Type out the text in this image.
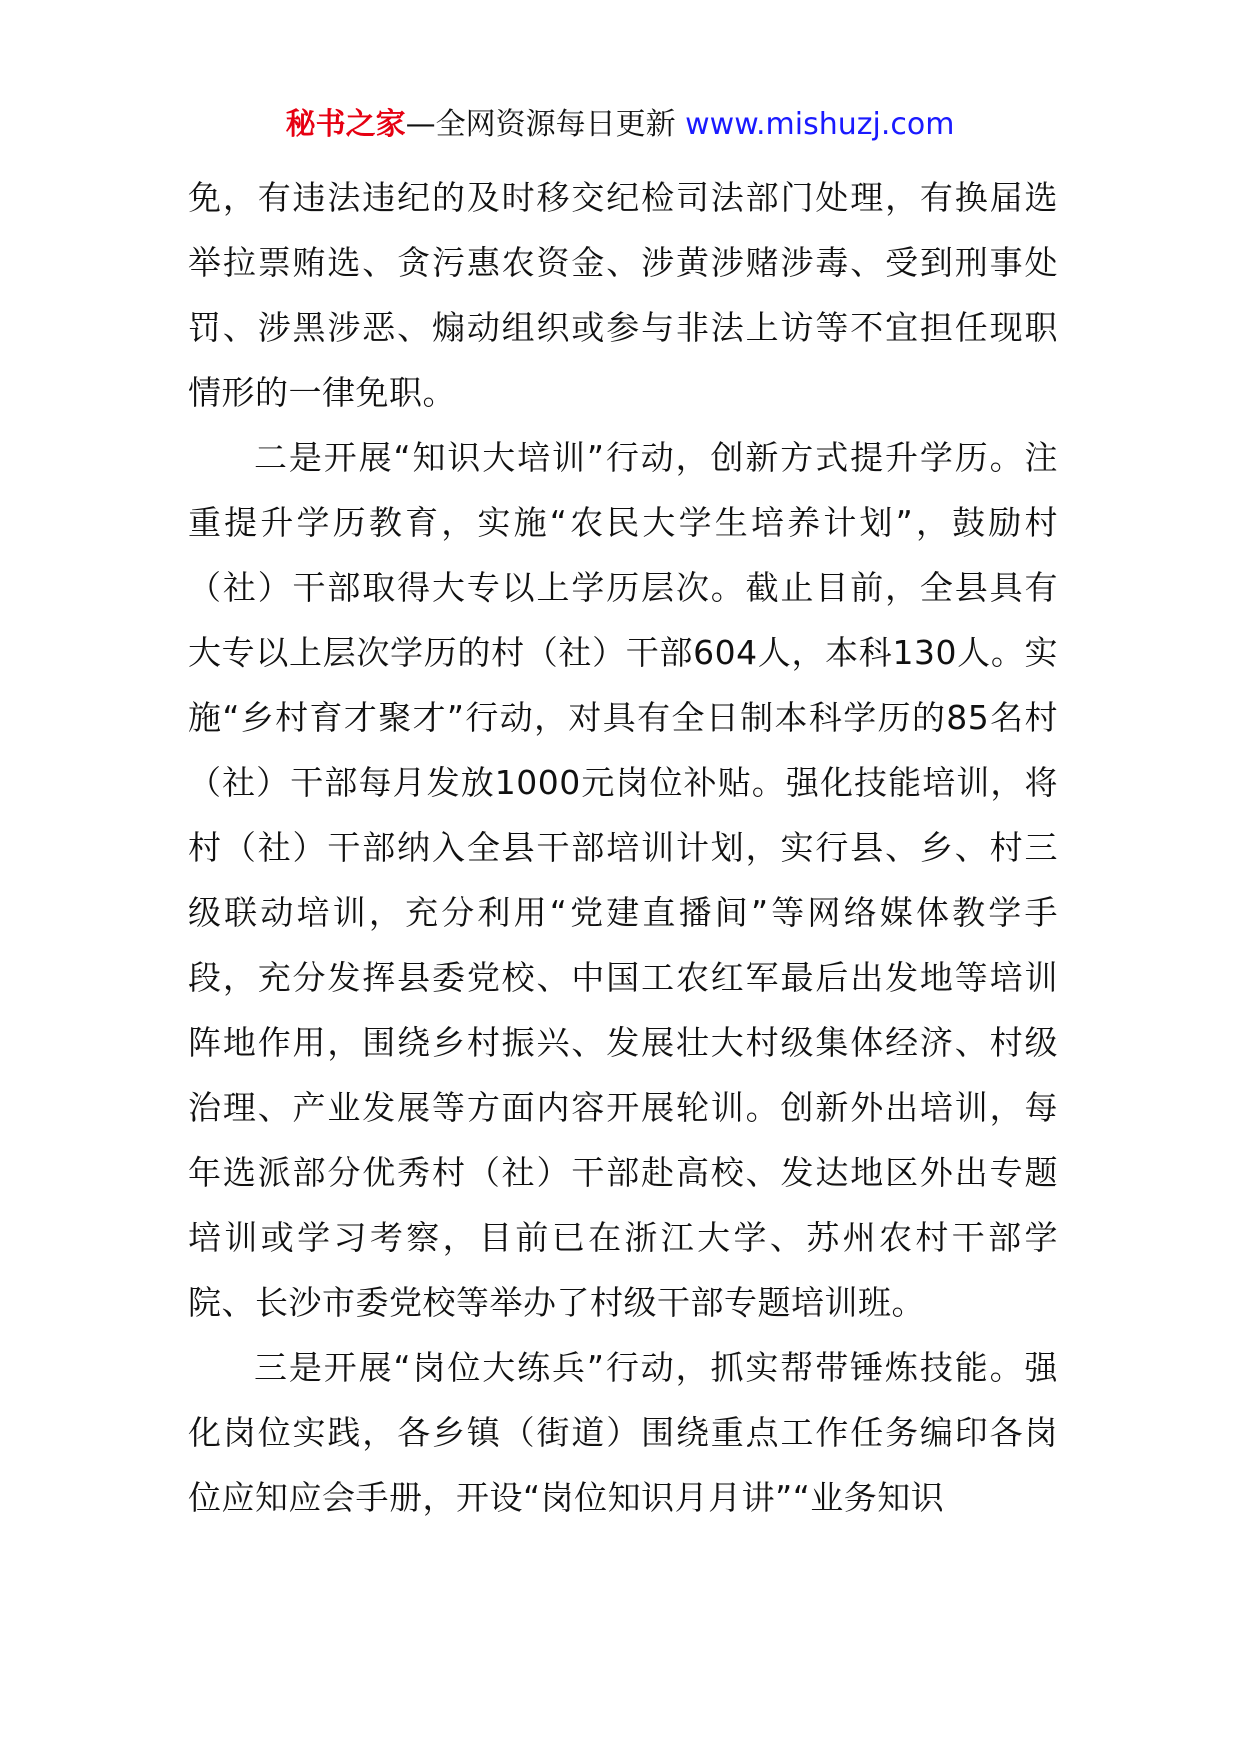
秘书之家—全网资源每日更新 www.mishuzj.com

免，有违法违纪的及时移交纪检司法部门处理，有换届选举拉票贿选、贪污惠农资金、涉黄涉赌涉毒、受到刑事处罚、涉黑涉恶、煽动组织或参与非法上访等不宜担任现职情形的一律免职。

二是开展“知识大培训”行动，创新方式提升学历。注重提升学历教育，实施“农民大学生培养计划”，鼓励村（社）干部取得大专以上学历层次。截止目前，全县具有大专以上层次学历的村（社）干部604人，本科130人。实施“乡村育才聚才”行动，对具有全日制本科学历的85名村（社）干部每月发放1000元岗位补贴。强化技能培训，将村（社）干部纳入全县干部培训计划，实行县、乡、村三级联动培训，充分利用“党建直播间”等网络媒体教学手段，充分发挥县委党校、中国工农红军最后出发地等培训阵地作用，围绕乡村振兴、发展壮大村级集体经济、村级治理、产业发展等方面内容开展轮训。创新外出培训，每年选派部分优秀村（社）干部赴高校、发达地区外出专题培训或学习考察，目前已在浙江大学、苏州农村干部学院、长沙市委党校等举办了村级干部专题培训班。

三是开展“岗位大练兵”行动，抓实帮带锤炼技能。强化岗位实践，各乡镇（街道）围绕重点工作任务编印各岗位应知应会手册，开设“岗位知识月月讲”“业务知识
